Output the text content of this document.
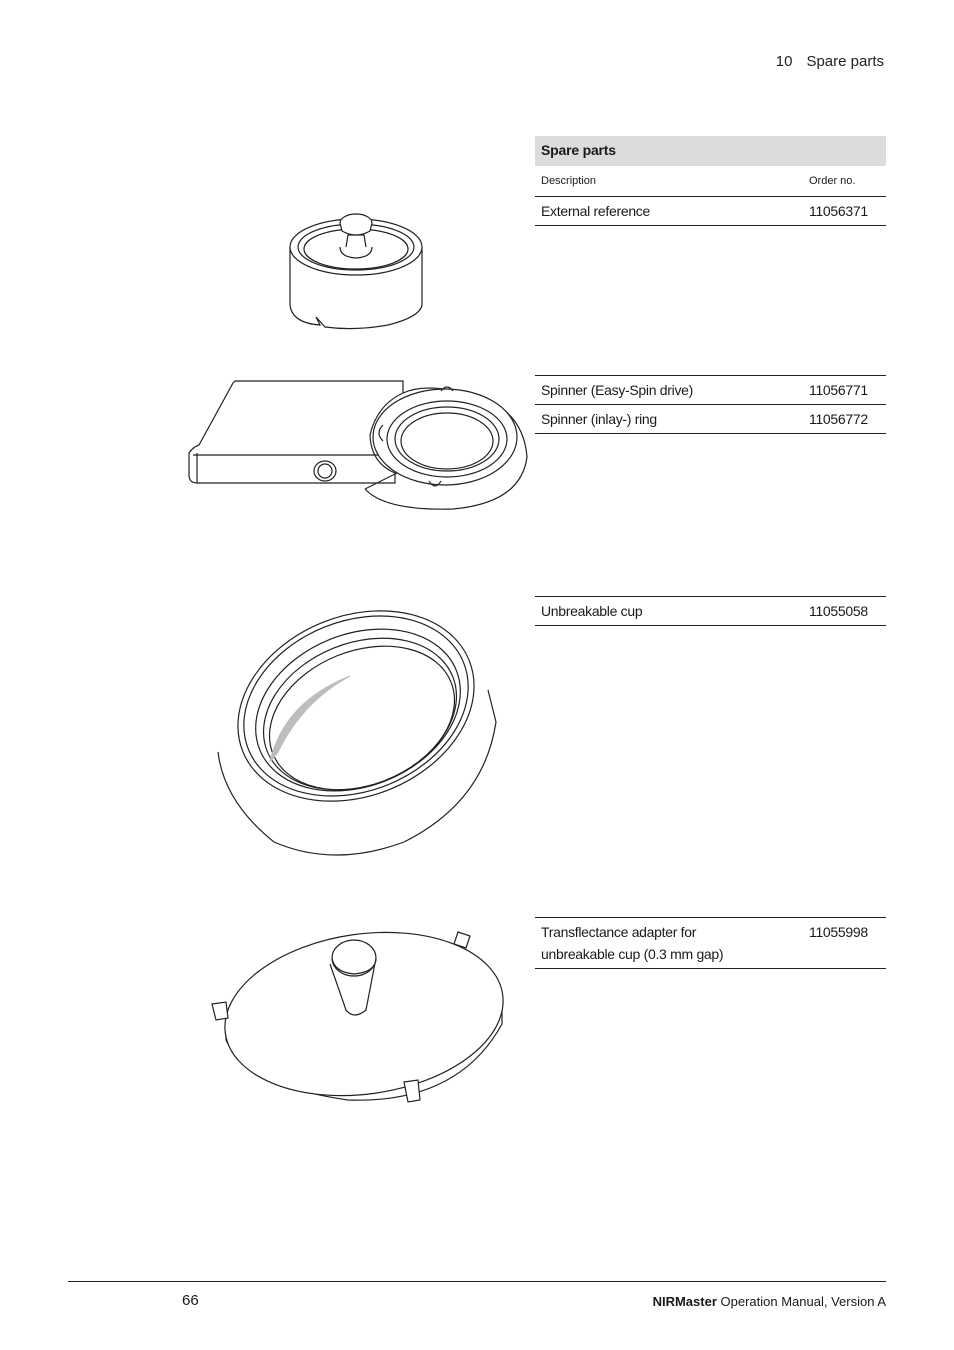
10 Spare parts
Spare parts
Description	Order no.
External reference	11056371
Spinner (Easy-Spin drive)	11056771
Spinner (inlay-) ring	11056772
Unbreakable cup	11055058
Transflectance adapter for
unbreakable cup (0.3 mm gap)
11055998
66	NIRMaster Operation Manual, Version A
